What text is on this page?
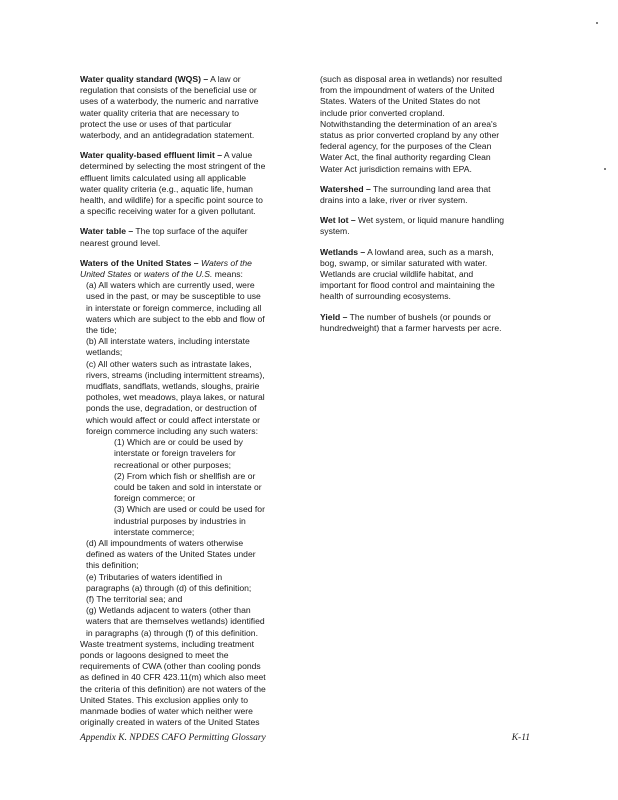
Water quality standard (WQS) – A law or
regulation that consists of the beneficial use or
uses of a waterbody, the numeric and narrative
water quality criteria that are necessary to
protect the use or uses of that particular
waterbody, and an antidegradation statement.
Water quality-based effluent limit – A value
determined by selecting the most stringent of the
effluent limits calculated using all applicable
water quality criteria (e.g., aquatic life, human
health, and wildlife) for a specific point source to
a specific receiving water for a given pollutant.
Water table – The top surface of the aquifer
nearest ground level.
Waters of the United States – Waters of the
United States or waters of the U.S. means:
(a) All waters which are currently used, were
used in the past, or may be susceptible to use
in interstate or foreign commerce, including all
waters which are subject to the ebb and flow of
the tide;
(b) All interstate waters, including interstate
wetlands;
(c) All other waters such as intrastate lakes,
rivers, streams (including intermittent streams),
mudflats, sandflats, wetlands, sloughs, prairie
potholes, wet meadows, playa lakes, or natural
ponds the use, degradation, or destruction of
which would affect or could affect interstate or
foreign commerce including any such waters:
(1) Which are or could be used by
interstate or foreign travelers for
recreational or other purposes;
(2) From which fish or shellfish are or
could be taken and sold in interstate or
foreign commerce; or
(3) Which are used or could be used for
industrial purposes by industries in
interstate commerce;
(d) All impoundments of waters otherwise
defined as waters of the United States under
this definition;
(e) Tributaries of waters identified in
paragraphs (a) through (d) of this definition;
(f) The territorial sea; and
(g) Wetlands adjacent to waters (other than
waters that are themselves wetlands) identified
in paragraphs (a) through (f) of this definition.
Waste treatment systems, including treatment
ponds or lagoons designed to meet the
requirements of CWA (other than cooling ponds
as defined in 40 CFR 423.11(m) which also meet
the criteria of this definition) are not waters of the
United States. This exclusion applies only to
manmade bodies of water which neither were
originally created in waters of the United States
(such as disposal area in wetlands) nor resulted
from the impoundment of waters of the United
States. Waters of the United States do not
include prior converted cropland.
Notwithstanding the determination of an area's
status as prior converted cropland by any other
federal agency, for the purposes of the Clean
Water Act, the final authority regarding Clean
Water Act jurisdiction remains with EPA.
Watershed – The surrounding land area that
drains into a lake, river or river system.
Wet lot – Wet system, or liquid manure handling
system.
Wetlands – A lowland area, such as a marsh,
bog, swamp, or similar saturated with water.
Wetlands are crucial wildlife habitat, and
important for flood control and maintaining the
health of surrounding ecosystems.
Yield – The number of bushels (or pounds or
hundredweight) that a farmer harvests per acre.
Appendix K. NPDES CAFO Permitting Glossary	K-11
